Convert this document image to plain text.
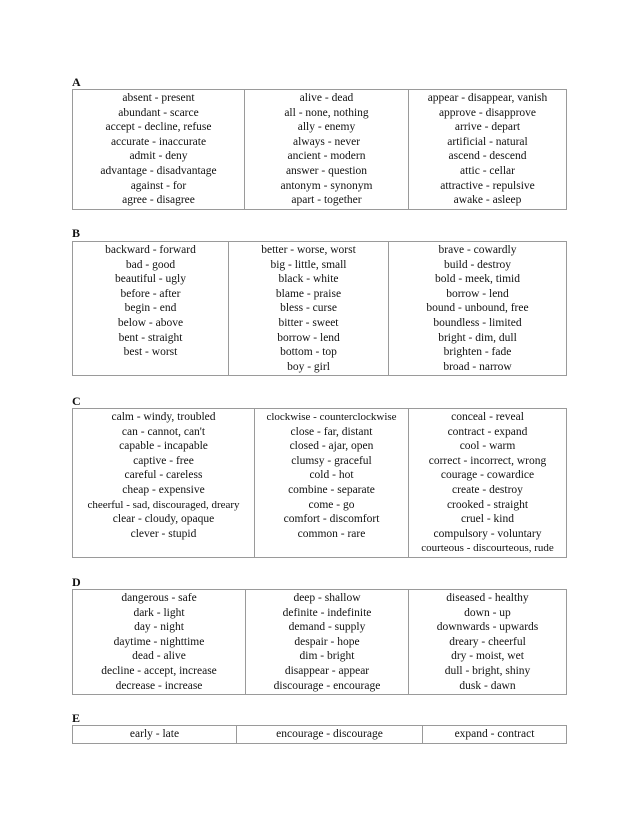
A
absent - present
abundant - scarce
accept - decline, refuse
accurate - inaccurate
admit - deny
advantage - disadvantage
against - for
agree - disagree

alive - dead
all - none, nothing
ally - enemy
always - never
ancient - modern
answer - question
antonym - synonym
apart - together

appear - disappear, vanish
approve - disapprove
arrive - depart
artificial - natural
ascend - descend
attic - cellar
attractive - repulsive
awake - asleep
B
backward - forward
bad - good
beautiful - ugly
before - after
begin - end
below - above
bent - straight
best - worst

better - worse, worst
big - little, small
black - white
blame - praise
bless - curse
bitter - sweet
borrow - lend
bottom - top
boy - girl

brave - cowardly
build - destroy
bold - meek, timid
borrow - lend
bound - unbound, free
boundless - limited
bright - dim, dull
brighten - fade
broad - narrow
C
calm - windy, troubled
can - cannot, can't
capable - incapable
captive - free
careful - careless
cheap - expensive
cheerful - sad, discouraged, dreary
clear - cloudy, opaque
clever - stupid

clockwise - counterclockwise
close - far, distant
closed - ajar, open
clumsy - graceful
cold - hot
combine - separate
come - go
comfort - discomfort
common - rare

conceal - reveal
contract - expand
cool - warm
correct - incorrect, wrong
courage - cowardice
create - destroy
crooked - straight
cruel - kind
compulsory - voluntary
courteous - discourteous, rude
D
dangerous - safe
dark - light
day - night
daytime - nighttime
dead - alive
decline - accept, increase
decrease - increase

deep - shallow
definite - indefinite
demand - supply
despair - hope
dim - bright
disappear - appear
discourage - encourage

diseased - healthy
down - up
downwards - upwards
dreary - cheerful
dry - moist, wet
dull - bright, shiny
dusk - dawn
E
early - late	encourage - discourage	expand - contract
